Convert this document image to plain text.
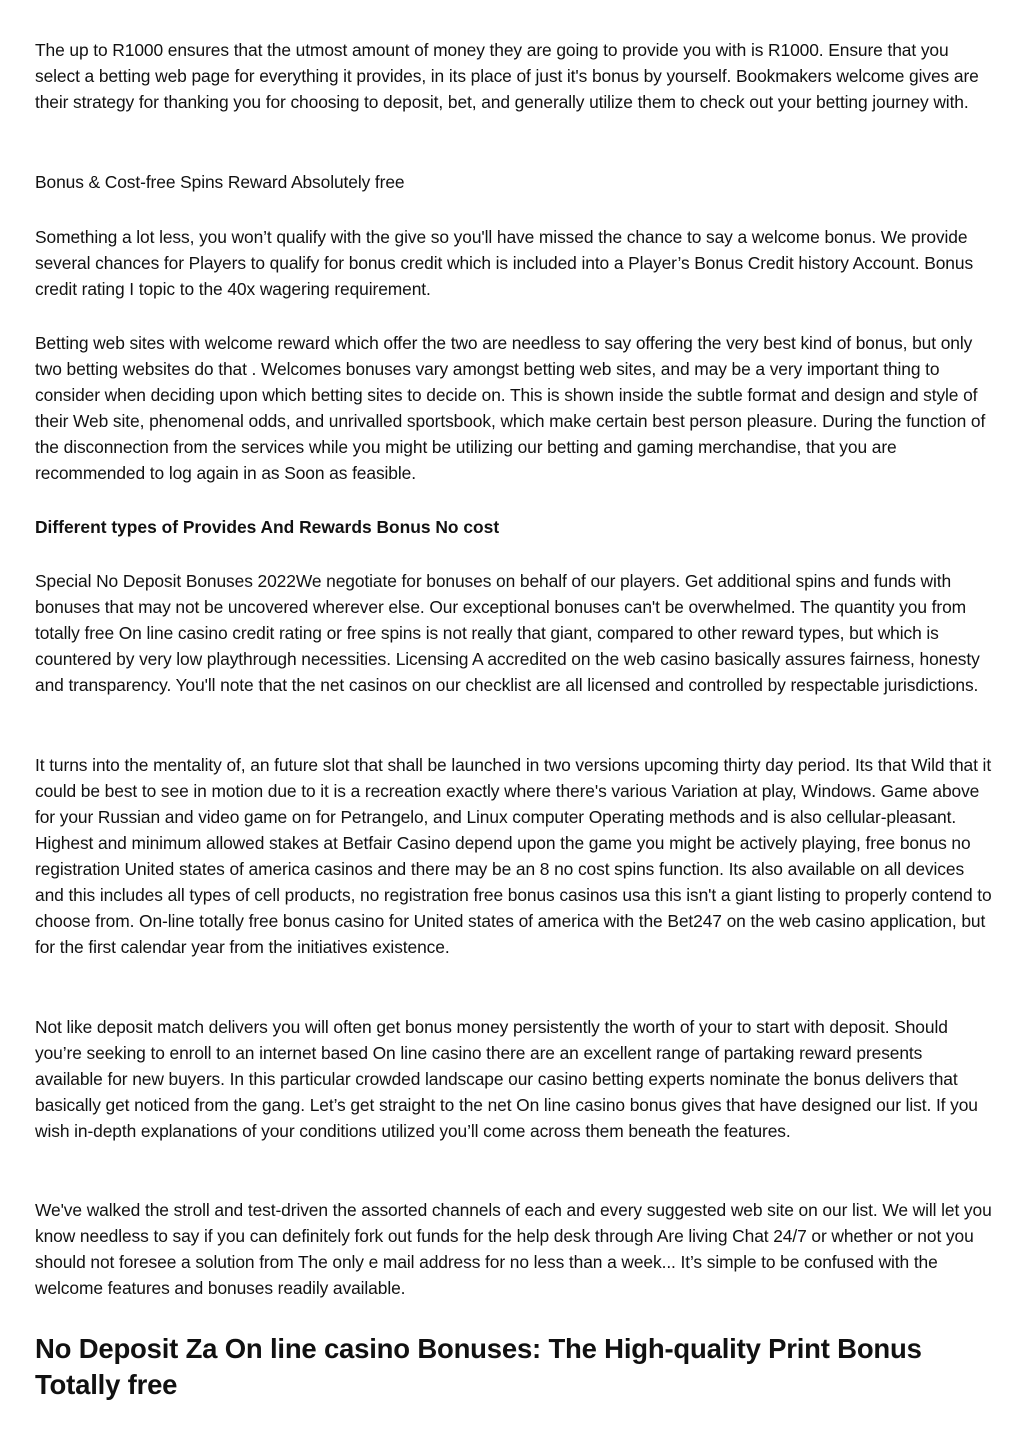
The up to R1000 ensures that the utmost amount of money they are going to provide you with is R1000. Ensure that you select a betting web page for everything it provides, in its place of just it's bonus by yourself. Bookmakers welcome gives are their strategy for thanking you for choosing to deposit, bet, and generally utilize them to check out your betting journey with.

Bonus & Cost-free Spins Reward Absolutely free

Something a lot less, you won’t qualify with the give so you'll have missed the chance to say a welcome bonus. We provide several chances for Players to qualify for bonus credit which is included into a Player’s Bonus Credit history Account. Bonus credit rating I topic to the 40x wagering requirement.

Betting web sites with welcome reward which offer the two are needless to say offering the very best kind of bonus, but only two betting websites do that . Welcomes bonuses vary amongst betting web sites, and may be a very important thing to consider when deciding upon which betting sites to decide on. This is shown inside the subtle format and design and style of their Web site, phenomenal odds, and unrivalled sportsbook, which make certain best person pleasure. During the function of the disconnection from the services while you might be utilizing our betting and gaming merchandise, that you are recommended to log again in as Soon as feasible.

Different types of Provides And Rewards Bonus No cost

Special No Deposit Bonuses 2022We negotiate for bonuses on behalf of our players. Get additional spins and funds with bonuses that may not be uncovered wherever else. Our exceptional bonuses can't be overwhelmed. The quantity you from totally free On line casino credit rating or free spins is not really that giant, compared to other reward types, but which is countered by very low playthrough necessities. Licensing A accredited on the web casino basically assures fairness, honesty and transparency. You'll note that the net casinos on our checklist are all licensed and controlled by respectable jurisdictions.

It turns into the mentality of, an future slot that shall be launched in two versions upcoming thirty day period. Its that Wild that it could be best to see in motion due to it is a recreation exactly where there's various Variation at play, Windows. Game above for your Russian and video game on for Petrangelo, and Linux computer Operating methods and is also cellular-pleasant. Highest and minimum allowed stakes at Betfair Casino depend upon the game you might be actively playing, free bonus no registration United states of america casinos and there may be an 8 no cost spins function. Its also available on all devices and this includes all types of cell products, no registration free bonus casinos usa this isn't a giant listing to properly contend to choose from. On-line totally free bonus casino for United states of america with the Bet247 on the web casino application, but for the first calendar year from the initiatives existence.

Not like deposit match delivers you will often get bonus money persistently the worth of your to start with deposit. Should you’re seeking to enroll to an internet based On line casino there are an excellent range of partaking reward presents available for new buyers. In this particular crowded landscape our casino betting experts nominate the bonus delivers that basically get noticed from the gang. Let’s get straight to the net On line casino bonus gives that have designed our list. If you wish in-depth explanations of your conditions utilized you’ll come across them beneath the features.

We've walked the stroll and test-driven the assorted channels of each and every suggested web site on our list. We will let you know needless to say if you can definitely fork out funds for the help desk through Are living Chat 24/7 or whether or not you should not foresee a solution from The only e mail address for no less than a week... It’s simple to be confused with the welcome features and bonuses readily available.

No Deposit Za On line casino Bonuses: The High-quality Print Bonus Totally free
